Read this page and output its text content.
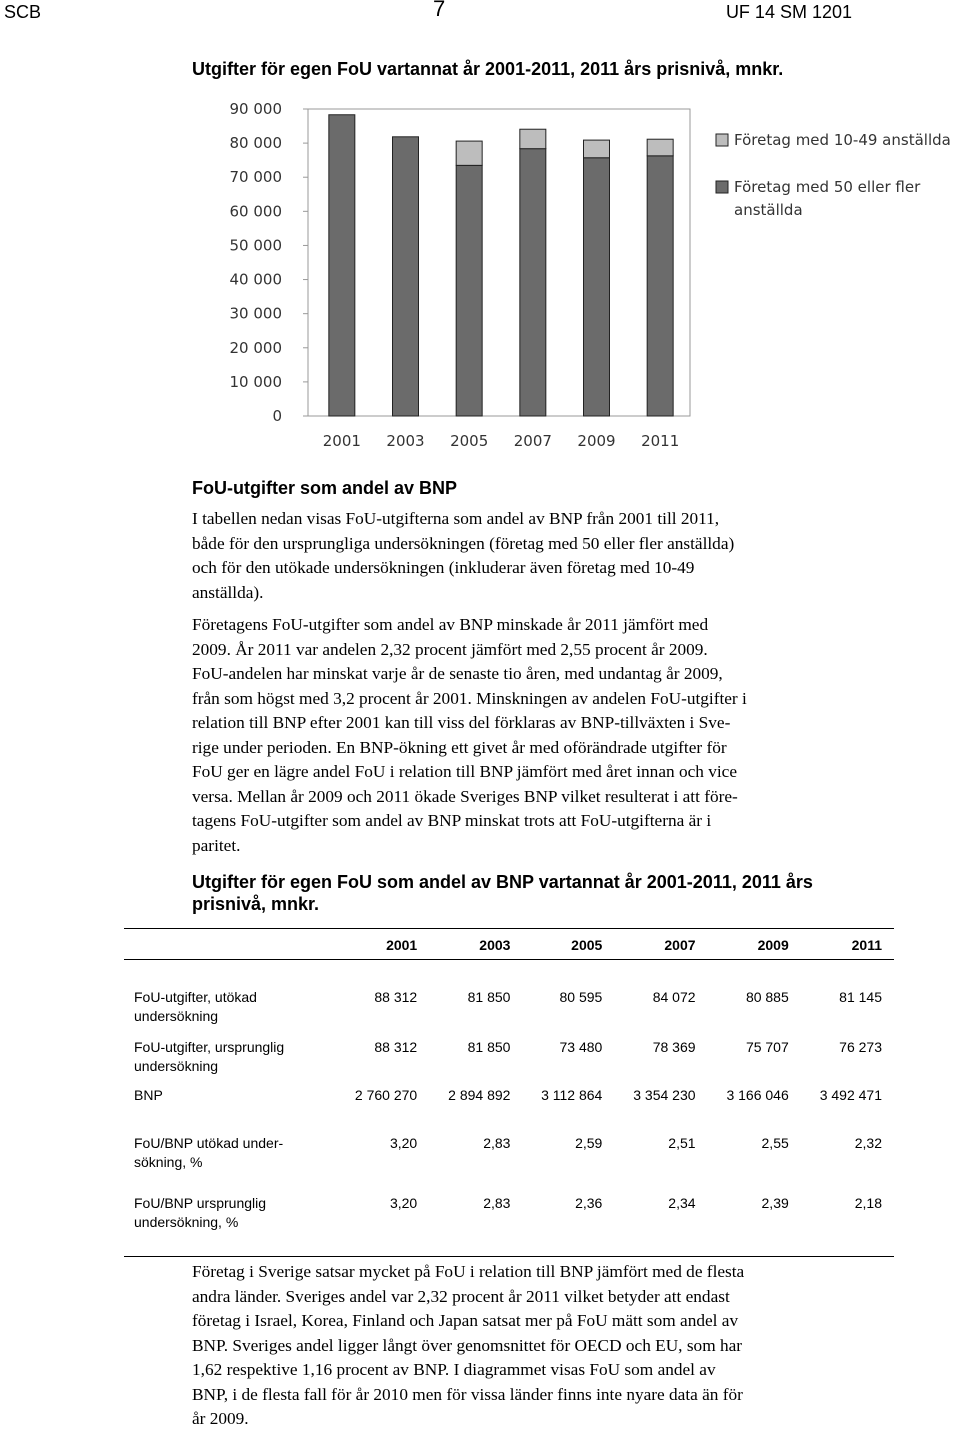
SCB	7	UF 14 SM 1201
Utgifter för egen FoU vartannat år 2001-2011, 2011 års prisnivå, mnkr.
0
10 000
20 000
30 000
40 000
50 000
60 000
70 000
80 000
90 000
2001 2003 2005 2007 2009 2011
Företag med 10-49 anställda
Företag med 50 eller fler
anställda
FoU-utgifter som andel av BNP
I tabellen nedan visas FoU-utgifterna som andel av BNP från 2001 till 2011,
både för den ursprungliga undersökningen (företag med 50 eller fler anställda)
och för den utökade undersökningen (inkluderar även företag med 10-49
anställda).
Företagens FoU-utgifter som andel av BNP minskade år 2011 jämfört med
2009. År 2011 var andelen 2,32 procent jämfört med 2,55 procent år 2009.
FoU-andelen har minskat varje år de senaste tio åren, med undantag år 2009,
från som högst med 3,2 procent år 2001. Minskningen av andelen FoU-utgifter i
relation till BNP efter 2001 kan till viss del förklaras av BNP-tillväxten i Sve-
rige under perioden. En BNP-ökning ett givet år med oförändrade utgifter för
FoU ger en lägre andel FoU i relation till BNP jämfört med året innan och vice
versa. Mellan år 2009 och 2011 ökade Sveriges BNP vilket resulterat i att före-
tagens FoU-utgifter som andel av BNP minskat trots att FoU-utgifterna är i
paritet.
Utgifter för egen FoU som andel av BNP vartannat år 2001-2011, 2011 års
prisnivå, mnkr.
	2001	2003	2005	2007	2009	2011

FoU-utgifter, utökad
undersökning	88 312	81 850	80 595	84 072	80 885	81 145

FoU-utgifter, ursprunglig
undersökning	88 312	81 850	73 480	78 369	75 707	76 273

BNP	2 760 270	2 894 892	3 112 864	3 354 230	3 166 046	3 492 471

FoU/BNP utökad under-
sökning, %	3,20	2,83	2,59	2,51	2,55	2,32

FoU/BNP ursprunglig
undersökning, %	3,20	2,83	2,36	2,34	2,39	2,18
Företag i Sverige satsar mycket på FoU i relation till BNP jämfört med de flesta
andra länder. Sveriges andel var 2,32 procent år 2011 vilket betyder att endast
företag i Israel, Korea, Finland och Japan satsat mer på FoU mätt som andel av
BNP. Sveriges andel ligger långt över genomsnittet för OECD och EU, som har
1,62 respektive 1,16 procent av BNP. I diagrammet visas FoU som andel av
BNP, i de flesta fall för år 2010 men för vissa länder finns inte nyare data än för
år 2009.
